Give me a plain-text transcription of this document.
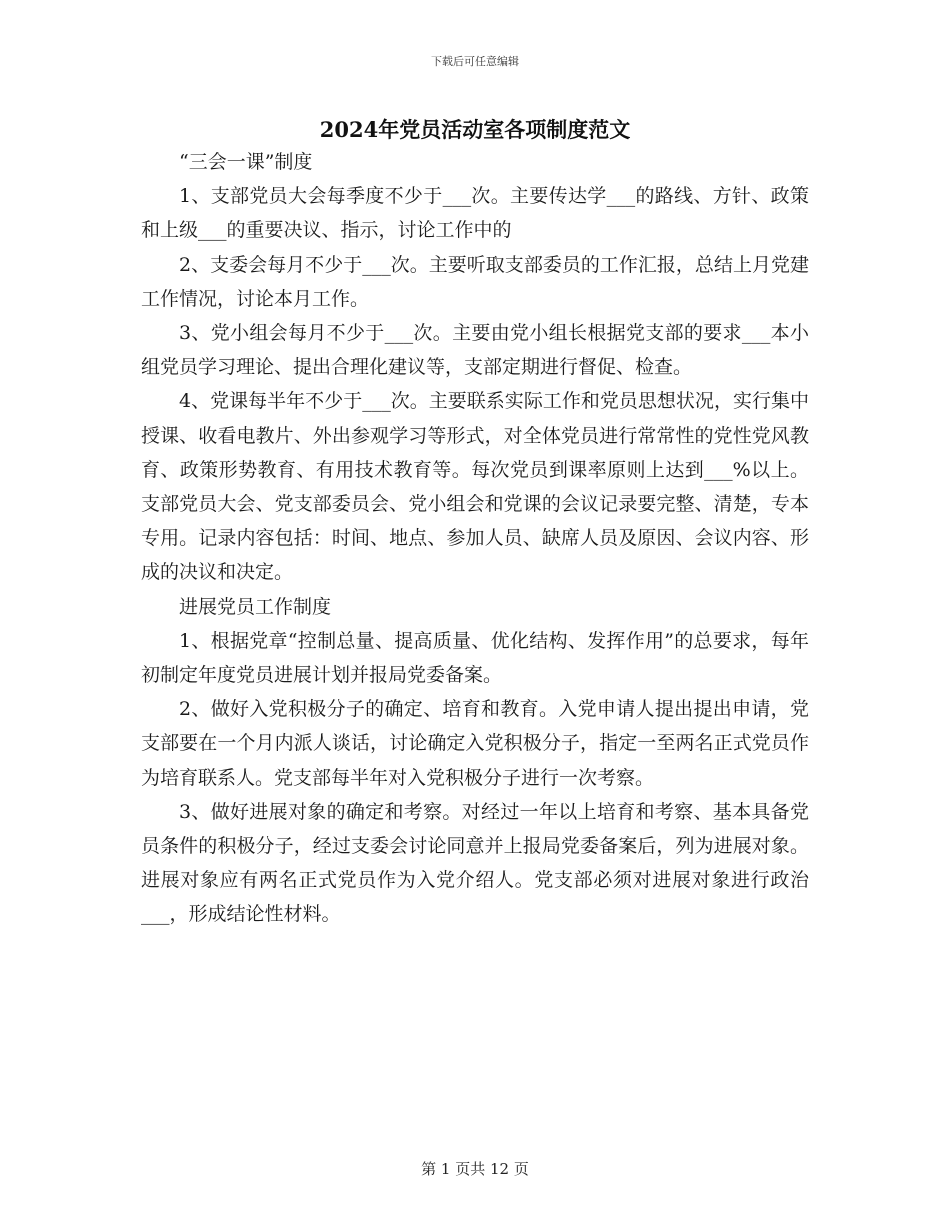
下载后可任意编辑
2024年党员活动室各项制度范文

“三会一课”制度

1、支部党员大会每季度不少于___次。主要传达学___的路线、方针、政策和上级___的重要决议、指示，讨论工作中的

2、支委会每月不少于___次。主要听取支部委员的工作汇报，总结上月党建工作情况，讨论本月工作。

3、党小组会每月不少于___次。主要由党小组长根据党支部的要求___本小组党员学习理论、提出合理化建议等，支部定期进行督促、检查。

4、党课每半年不少于___次。主要联系实际工作和党员思想状况，实行集中授课、收看电教片、外出参观学习等形式，对全体党员进行常常性的党性党风教育、政策形势教育、有用技术教育等。每次党员到课率原则上达到___%以上。支部党员大会、党支部委员会、党小组会和党课的会议记录要完整、清楚，专本专用。记录内容包括：时间、地点、参加人员、缺席人员及原因、会议内容、形成的决议和决定。

进展党员工作制度

1、根据党章“控制总量、提高质量、优化结构、发挥作用”的总要求，每年初制定年度党员进展计划并报局党委备案。

2、做好入党积极分子的确定、培育和教育。入党申请人提出提出申请，党支部要在一个月内派人谈话，讨论确定入党积极分子，指定一至两名正式党员作为培育联系人。党支部每半年对入党积极分子进行一次考察。

3、做好进展对象的确定和考察。对经过一年以上培育和考察、基本具备党员条件的积极分子，经过支委会讨论同意并上报局党委备案后，列为进展对象。进展对象应有两名正式党员作为入党介绍人。党支部必须对进展对象进行政治___，形成结论性材料。

第 1 页共 12 页
